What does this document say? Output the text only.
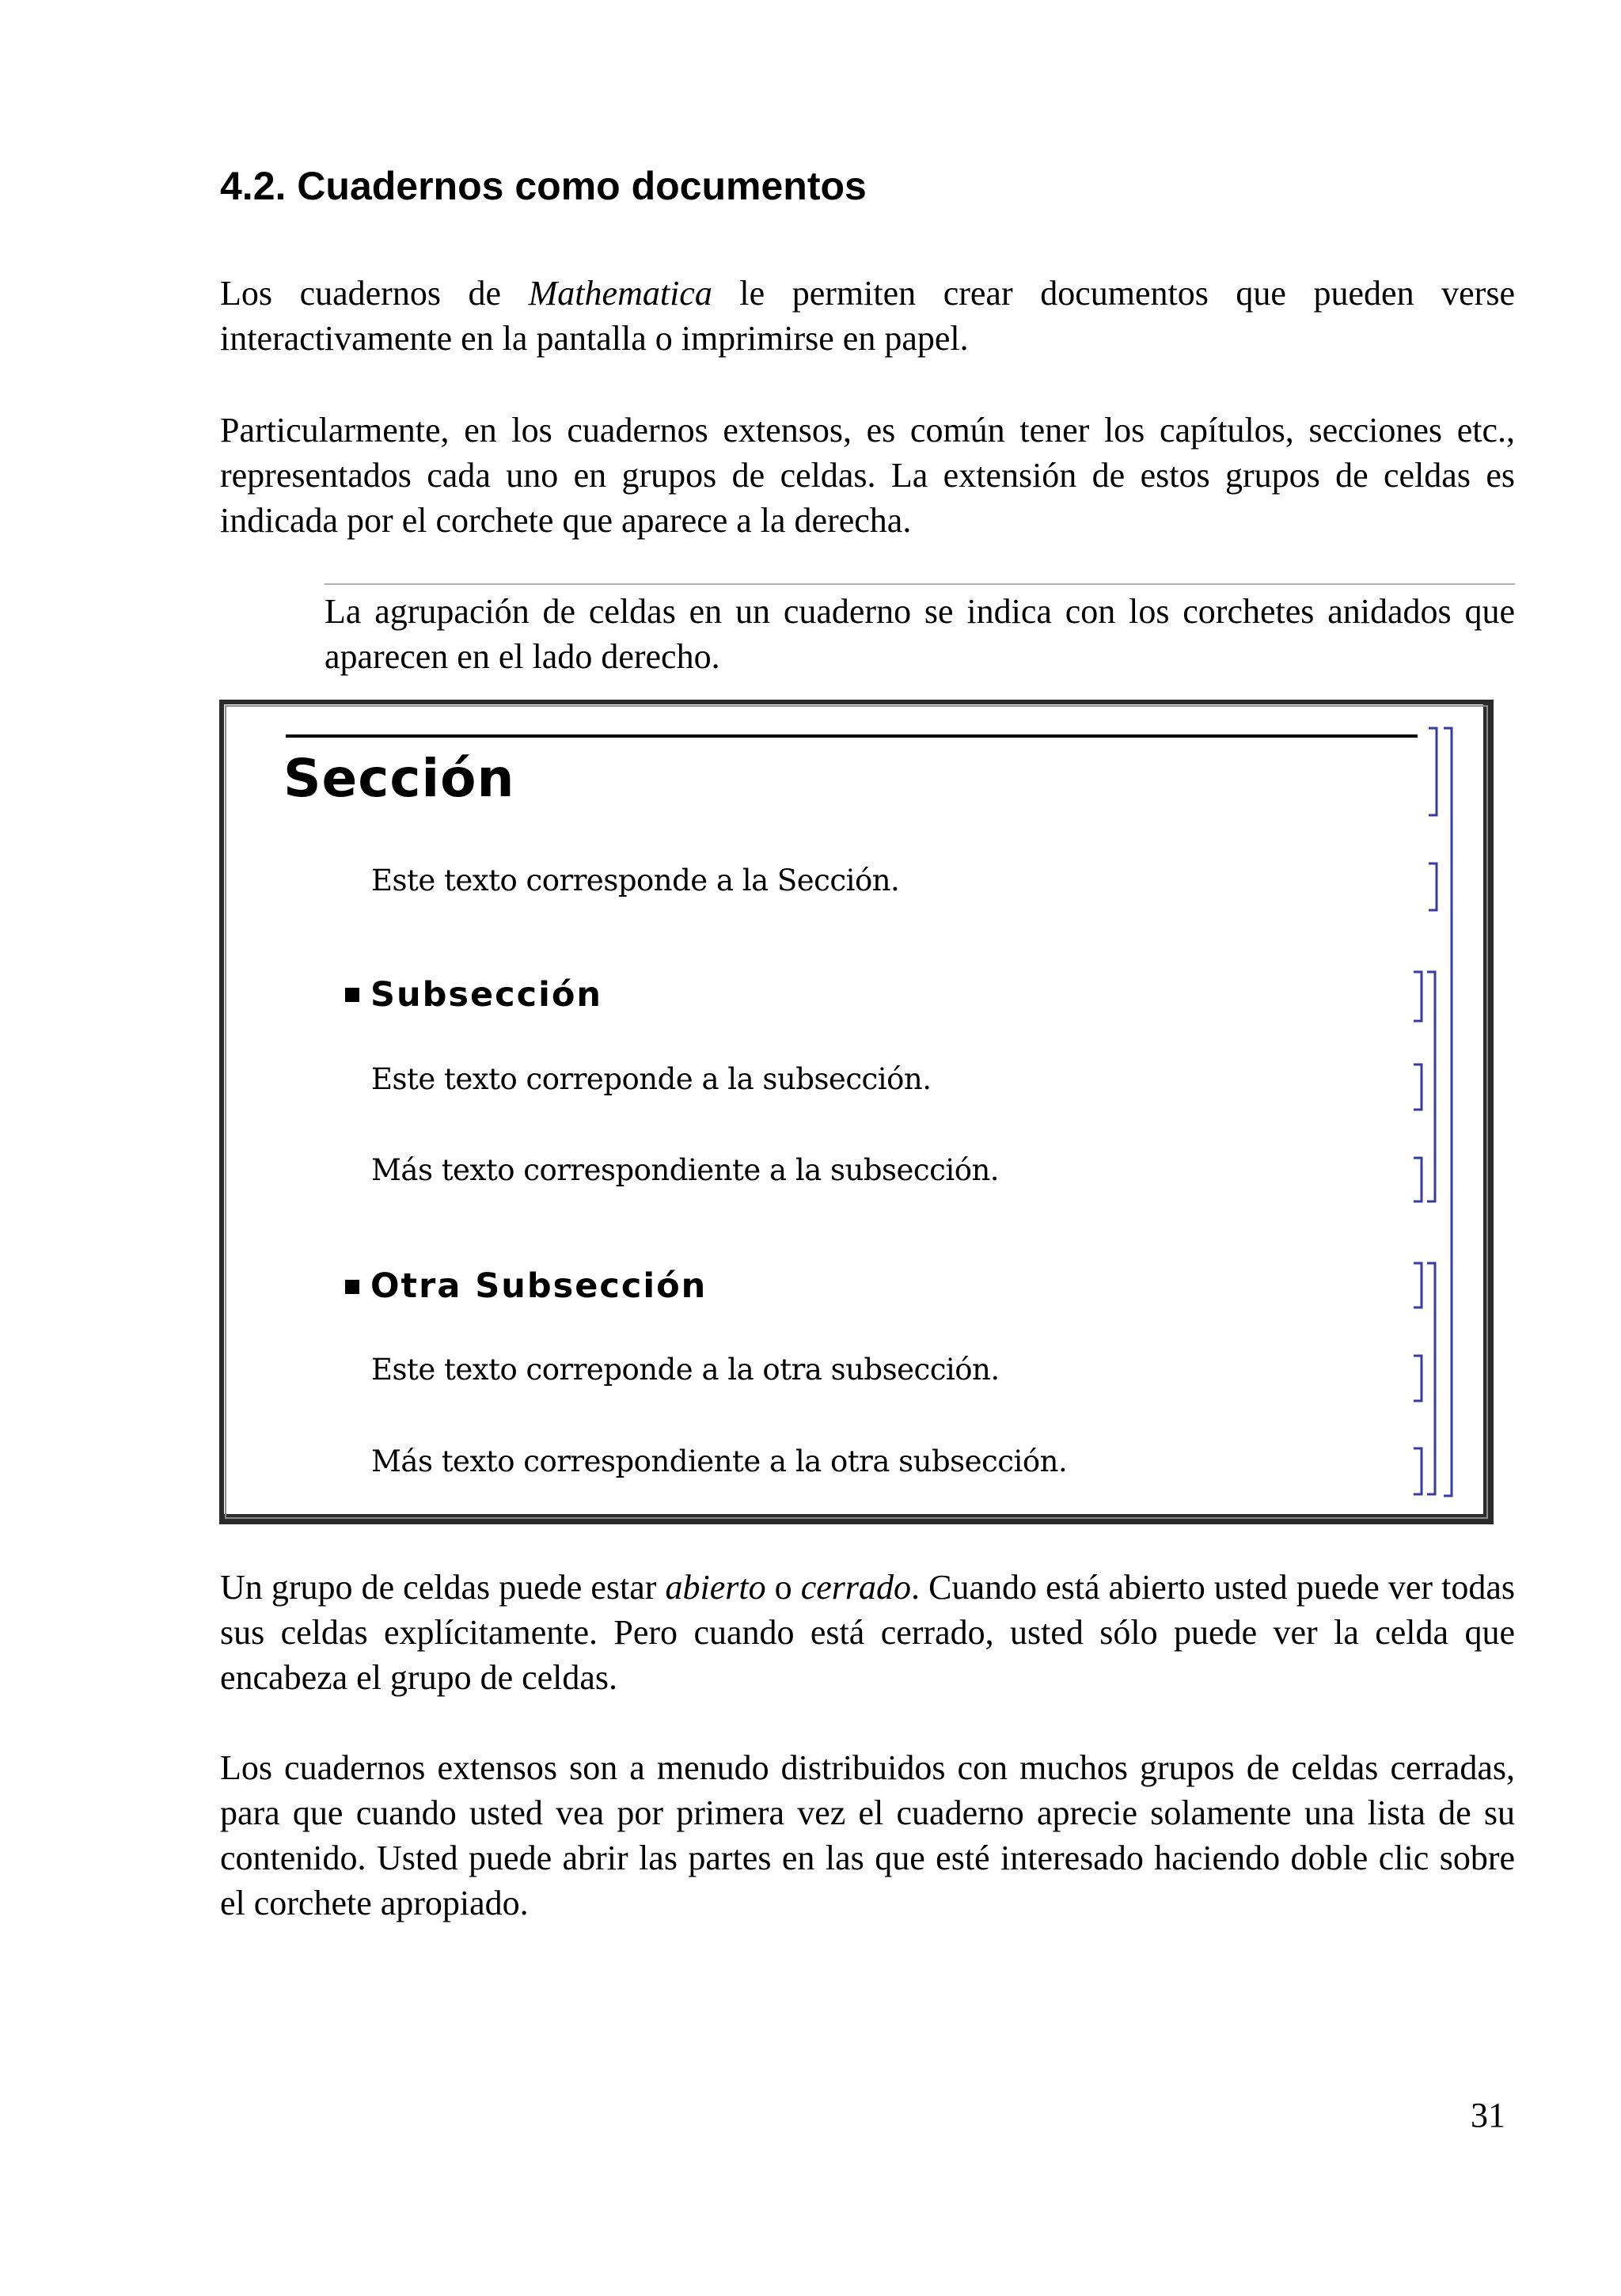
4.2. Cuadernos como documentos

Los cuadernos de Mathematica le permiten crear documentos que pueden verse interactivamente en la pantalla o imprimirse en papel.

Particularmente, en los cuadernos extensos, es común tener los capítulos, secciones etc., representados cada uno en grupos de celdas. La extensión de estos grupos de celdas es indicada por el corchete que aparece a la derecha.

La agrupación de celdas en un cuaderno se indica con los corchetes anidados que aparecen en el lado derecho.

Sección

Este texto corresponde a la Sección.

Subsección

Este texto correponde a la subsección.

Más texto correspondiente a la subsección.

Otra Subsección

Este texto correponde a la otra subsección.

Más texto correspondiente a la otra subsección.

31

Un grupo de celdas puede estar abierto o cerrado. Cuando está abierto usted puede ver todas sus celdas explícitamente. Pero cuando está cerrado, usted sólo puede ver la celda que encabeza el grupo de celdas.

Los cuadernos extensos son a menudo distribuidos con muchos grupos de celdas cerradas, para que cuando usted vea por primera vez el cuaderno aprecie solamente una lista de su contenido. Usted puede abrir las partes en las que esté interesado haciendo doble clic sobre el corchete apropiado.
